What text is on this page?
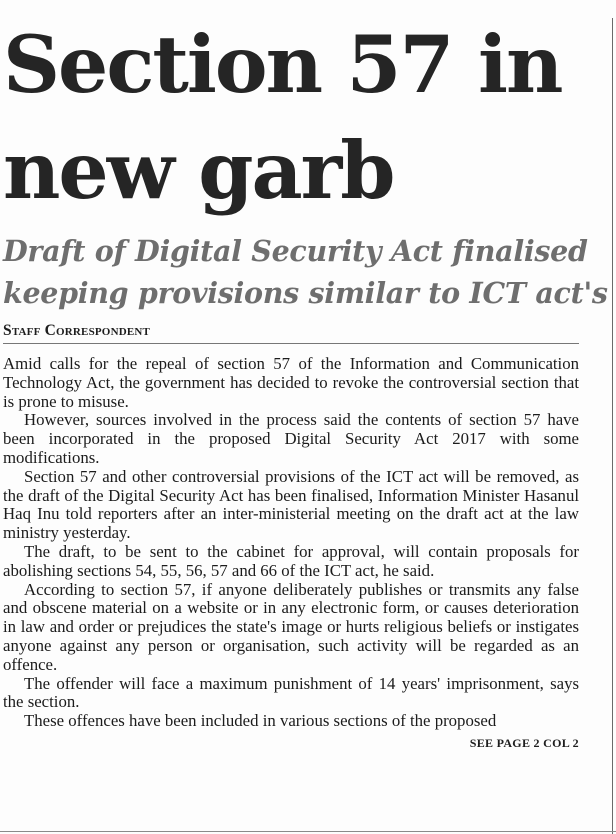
Section 57 in
new garb
Draft of Digital Security Act finalised
keeping provisions similar to ICT act's
Staff Correspondent

Amid calls for the repeal of section 57 of the Information and Communication Technology Act, the government has decided to revoke the controversial section that is prone to misuse.

However, sources involved in the process said the contents of section 57 have been incorporated in the proposed Digital Security Act 2017 with some modifications.

Section 57 and other controversial provisions of the ICT act will be removed, as the draft of the Digital Security Act has been finalised, Information Minister Hasanul Haq Inu told reporters after an inter-ministerial meeting on the draft act at the law ministry yesterday.

The draft, to be sent to the cabinet for approval, will contain proposals for abolishing sections 54, 55, 56, 57 and 66 of the ICT act, he said.

According to section 57, if anyone deliberately publishes or transmits any false and obscene material on a website or in any electronic form, or causes deterioration in law and order or prejudices the state's image or hurts religious beliefs or instigates anyone against any person or organisation, such activity will be regarded as an offence.

The offender will face a maximum punishment of 14 years' imprisonment, says the section.

These offences have been included in various sections of the proposed

SEE PAGE 2 COL 2
